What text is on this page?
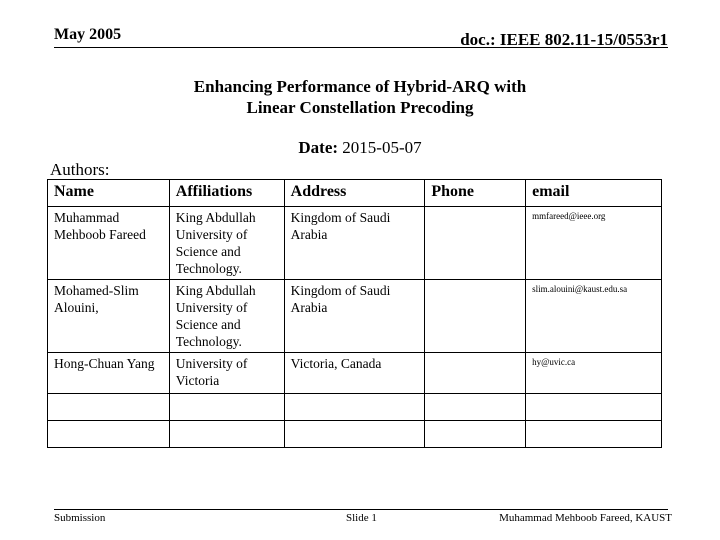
May 2005	doc.: IEEE 802.11-15/0553r1
Enhancing Performance of Hybrid-ARQ with
Linear Constellation Precoding
Date: 2015-05-07
Authors:
Name	Affiliations	Address	Phone	email
Muhammad Mehboob Fareed	King Abdullah University of Science and Technology.	Kingdom of Saudi Arabia		mmfareed@ieee.org
Mohamed-Slim Alouini,	King Abdullah University of Science and Technology.	Kingdom of Saudi Arabia		slim.alouini@kaust.edu.sa
Hong-Chuan Yang	University of Victoria	Victoria, Canada		hy@uvic.ca

Submission	Slide 1	Muhammad Mehboob Fareed, KAUST
